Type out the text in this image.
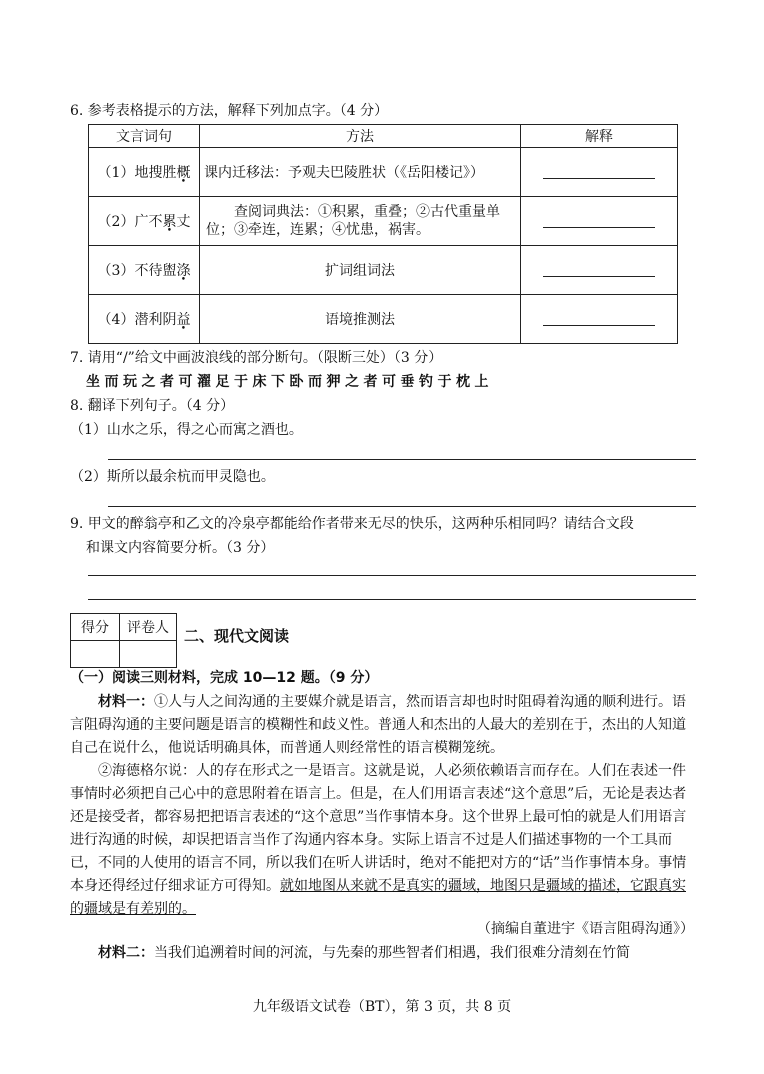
6. 参考表格提示的方法，解释下列加点字。（4 分）
文言词句	方法	解释
（1）地搜胜概	课内迁移法：予观夫巴陵胜状（《岳阳楼记》）	
（2）广不累丈	查阅词典法：①积累，重叠；②古代重量单位；③牵连，连累；④忧患，祸害。	
（3）不待盥涤	扩词组词法	
（4）潜利阴益	语境推测法	
7. 请用“/”给文中画波浪线的部分断句。（限断三处）（3 分）
坐而玩之者可濯足于床下卧而狎之者可垂钓于枕上
8. 翻译下列句子。（4 分）
（1）山水之乐，得之心而寓之酒也。
（2）斯所以最余杭而甲灵隐也。
9. 甲文的醉翁亭和乙文的冷泉亭都能给作者带来无尽的快乐，这两种乐相同吗？请结合文段
和课文内容简要分析。（3 分）
得分	评卷人
	二、现代文阅读
（一）阅读三则材料，完成 10—12 题。（9 分）

材料一：①人与人之间沟通的主要媒介就是语言，然而语言却也时时阻碍着沟通的顺利进行。语言阻碍沟通的主要问题是语言的模糊性和歧义性。普通人和杰出的人最大的差别在于，杰出的人知道自己在说什么，他说话明确具体，而普通人则经常性的语言模糊笼统。

②海德格尔说：人的存在形式之一是语言。这就是说，人必须依赖语言而存在。人们在表述一件事情时必须把自己心中的意思附着在语言上。但是，在人们用语言表述“这个意思”后，无论是表达者还是接受者，都容易把把语言表述的“这个意思”当作事情本身。这个世界上最可怕的就是人们用语言进行沟通的时候，却误把语言当作了沟通内容本身。实际上语言不过是人们描述事物的一个工具而已，不同的人使用的语言不同，所以我们在听人讲话时，绝对不能把对方的“话”当作事情本身。事情本身还得经过仔细求证方可得知。就如地图从来就不是真实的疆域，地图只是疆域的描述，它跟真实的疆域是有差别的。

（摘编自董进宇《语言阻碍沟通》）

材料二：当我们追溯着时间的河流，与先秦的那些智者们相遇，我们很难分清刻在竹简

九年级语文试卷（BT），第 3 页，共 8 页
